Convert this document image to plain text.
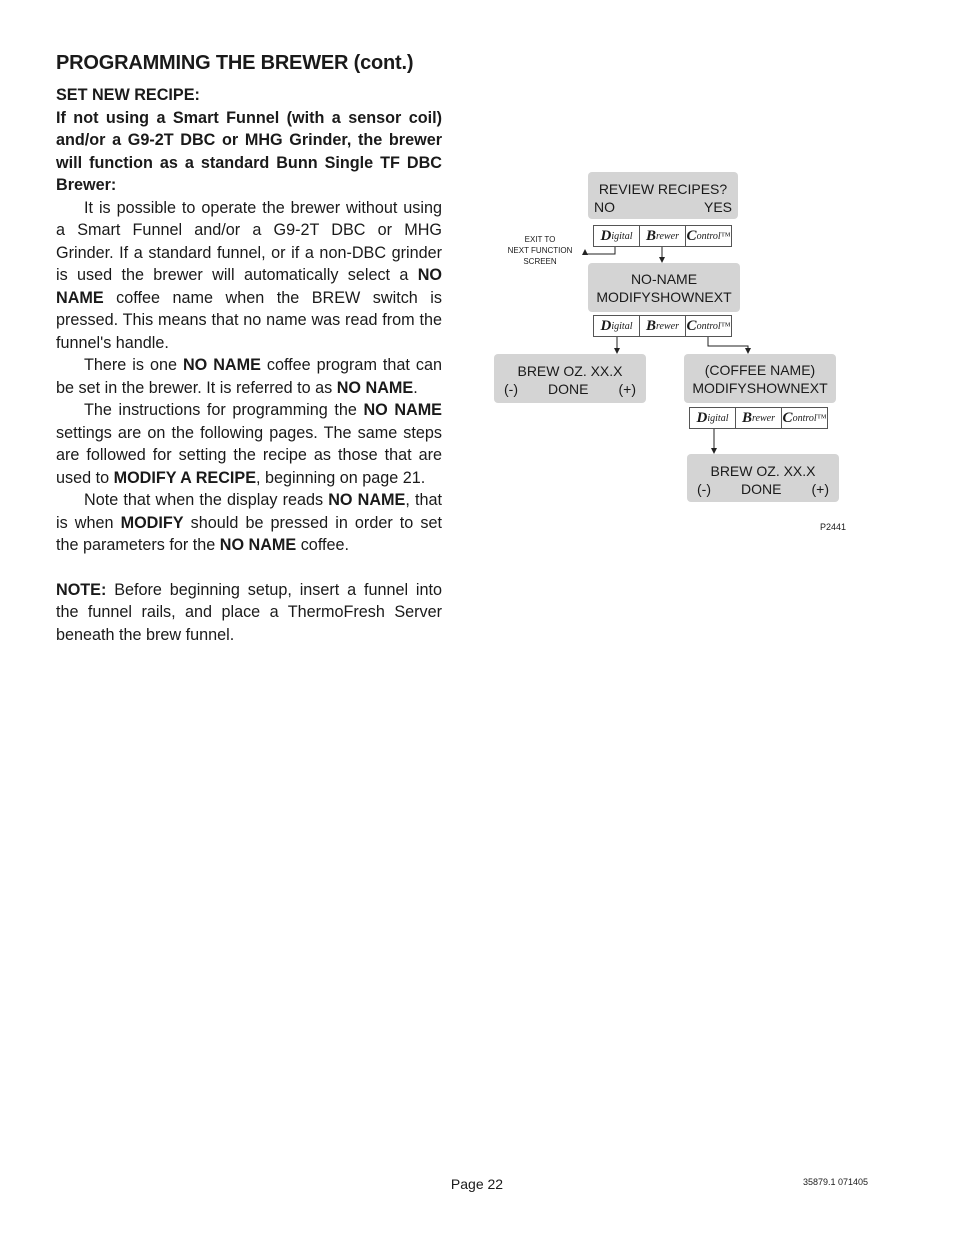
PROGRAMMING THE BREWER (cont.)

SET NEW RECIPE:

If not using a Smart Funnel (with a sensor coil) and/or a G9-2T DBC or MHG Grinder, the brewer will function as a standard Bunn Single TF DBC Brewer:

It is possible to operate the brewer without using a Smart Funnel and/or a G9-2T DBC or MHG Grinder. If a standard funnel, or if a non-DBC grinder is used the brewer will automatically select a NO NAME coffee name when the BREW switch is pressed. This means that no name was read from the funnel's handle.

There is one NO NAME coffee program that can be set in the brewer. It is referred to as NO NAME.

The instructions for programming the NO NAME settings are on the following pages. The same steps are followed for setting the recipe as those that are used to MODIFY A RECIPE, beginning on page 21.

Note that when the display reads NO NAME, that is when MODIFY should be pressed in order to set the parameters for the NO NAME coffee.

NOTE: Before beginning setup, insert a funnel into the funnel rails, and place a ThermoFresh Server beneath the brew funnel.

REVIEW RECIPES?
NO	YES
D igital B rewer C ontrol™
EXIT TO
NEXT FUNCTION
SCREEN
NO-NAME
MODIFYSHOWNEXT
D igital B rewer C ontrol™
BREW OZ. XX.X
(-) DONE (+)
(COFFEE NAME)
MODIFYSHOWNEXT
D igital B rewer C ontrol™
BREW OZ. XX.X
(-) DONE (+)
P2441
Page 22	35879.1 071405
